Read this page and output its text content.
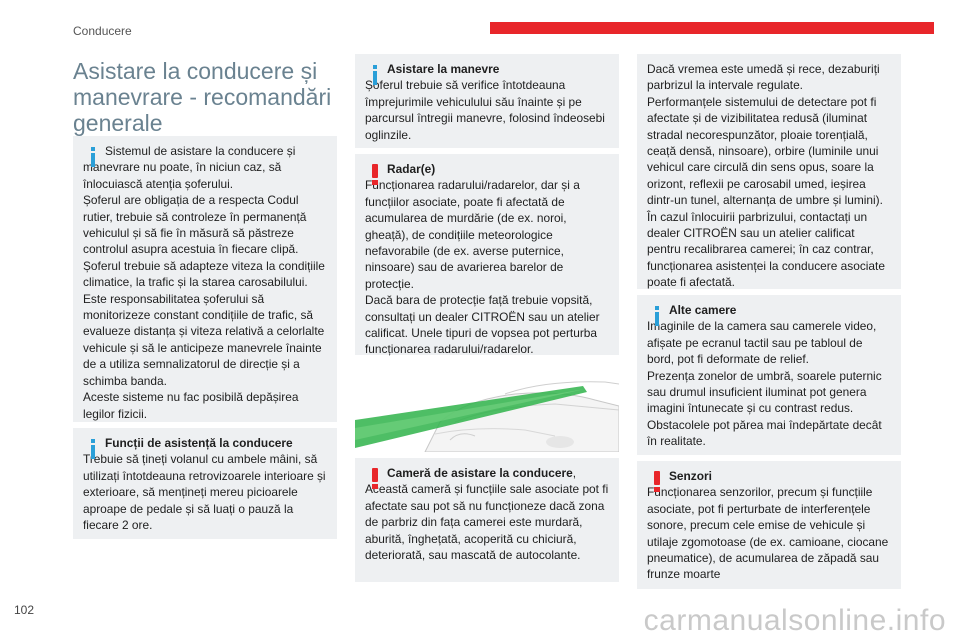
Conducere
Asistare la conducere și manevrare - recomandări generale
Sistemul de asistare la conducere și
manevrare nu poate, în niciun caz, să înlocuiască atenția șoferului.
Șoferul are obligația de a respecta Codul rutier, trebuie să controleze în permanență vehiculul și să fie în măsură să păstreze controlul asupra acestuia în fiecare clipă.
Șoferul trebuie să adapteze viteza la condițiile climatice, la trafic și la starea carosabilului.
Este responsabilitatea șoferului să monitorizeze constant condițiile de trafic, să evalueze distanța și viteza relativă a celorlalte vehicule și să le anticipeze manevrele înainte de a utiliza semnalizatorul de direcție și a schimba banda.
Aceste sisteme nu fac posibilă depășirea legilor fizicii.
Funcții de asistență la conducere
Trebuie să țineți volanul cu ambele mâini, să utilizați întotdeauna retrovizoarele interioare și exterioare, să mențineți mereu picioarele aproape de pedale și să luați o pauză la fiecare 2 ore.
Asistare la manevre
Șoferul trebuie să verifice întotdeauna împrejurimile vehiculului său înainte și pe parcursul întregii manevre, folosind îndeosebi oglinzile.
Radar(e)
Funcționarea radarului/radarelor, dar și a funcțiilor asociate, poate fi afectată de acumularea de murdărie (de ex. noroi, gheață), de condițiile meteorologice nefavorabile (de ex. averse puternice, ninsoare) sau de avarierea barelor de protecție.
Dacă bara de protecție față trebuie vopsită, consultați un dealer CITROËN sau un atelier calificat. Unele tipuri de vopsea pot perturba funcționarea radarului/radarelor.
Cameră de asistare la conducere,
Această cameră și funcțiile sale asociate pot fi afectate sau pot să nu funcționeze dacă zona de parbriz din fața camerei este murdară, aburită, înghețată, acoperită cu chiciură, deteriorată, sau mascată de autocolante.
Dacă vremea este umedă și rece, dezaburiți parbrizul la intervale regulate.
Performanțele sistemului de detectare pot fi afectate și de vizibilitatea redusă (iluminat stradal necorespunzător, ploaie torențială, ceață densă, ninsoare), orbire (luminile unui vehicul care circulă din sens opus, soare la orizont, reflexii pe carosabil umed, ieșirea dintr-un tunel, alternanța de umbre și lumini).
În cazul înlocuirii parbrizului, contactați un dealer CITROËN sau un atelier calificat pentru recalibrarea camerei; în caz contrar, funcționarea asistenței la conducere asociate poate fi afectată.
Alte camere
Imaginile de la camera sau camerele video, afișate pe ecranul tactil sau pe tabloul de bord, pot fi deformate de relief.
Prezența zonelor de umbră, soarele puternic sau drumul insuficient iluminat pot genera imagini întunecate și cu contrast redus.
Obstacolele pot părea mai îndepărtate decât în realitate.
Senzori
Funcționarea senzorilor, precum și funcțiile asociate, pot fi perturbate de interferențele sonore, precum cele emise de vehicule și utilaje zgomotoase (de ex. camioane, ciocane pneumatice), de acumularea de zăpadă sau frunze moarte
102	carmanualsonline.info
